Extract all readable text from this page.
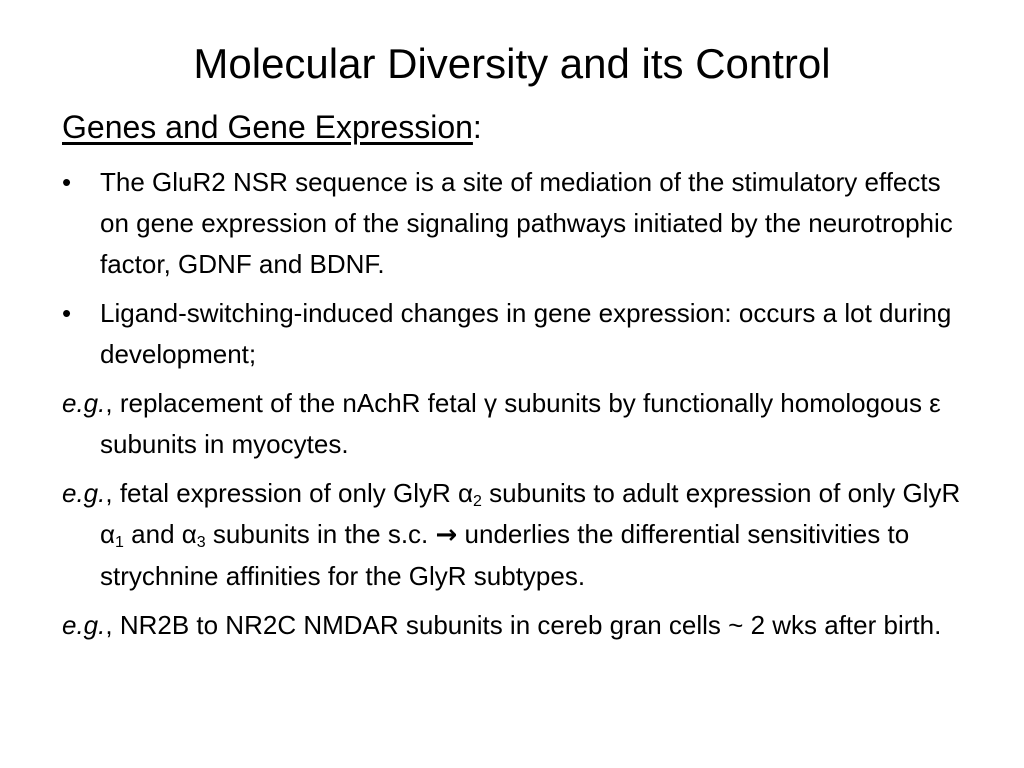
Molecular Diversity and its Control
Genes and Gene Expression:
•	The GluR2 NSR sequence is a site of mediation of the stimulatory effects on gene expression of the signaling pathways initiated by the neurotrophic factor, GDNF and BDNF.
•	Ligand-switching-induced changes in gene expression: occurs a lot during development;
e.g., replacement of the nAchR fetal γ subunits by functionally homologous ε subunits in myocytes.
e.g., fetal expression of only GlyR $\alpha_2$ subunits to adult expression of only GlyR $\alpha_1$ and $\alpha_3$ subunits in the s.c. → underlies the differential sensitivities to strychnine affinities for the GlyR subtypes.
e.g., NR2B to NR2C NMDAR subunits in cereb gran cells ~ 2 wks after birth.
